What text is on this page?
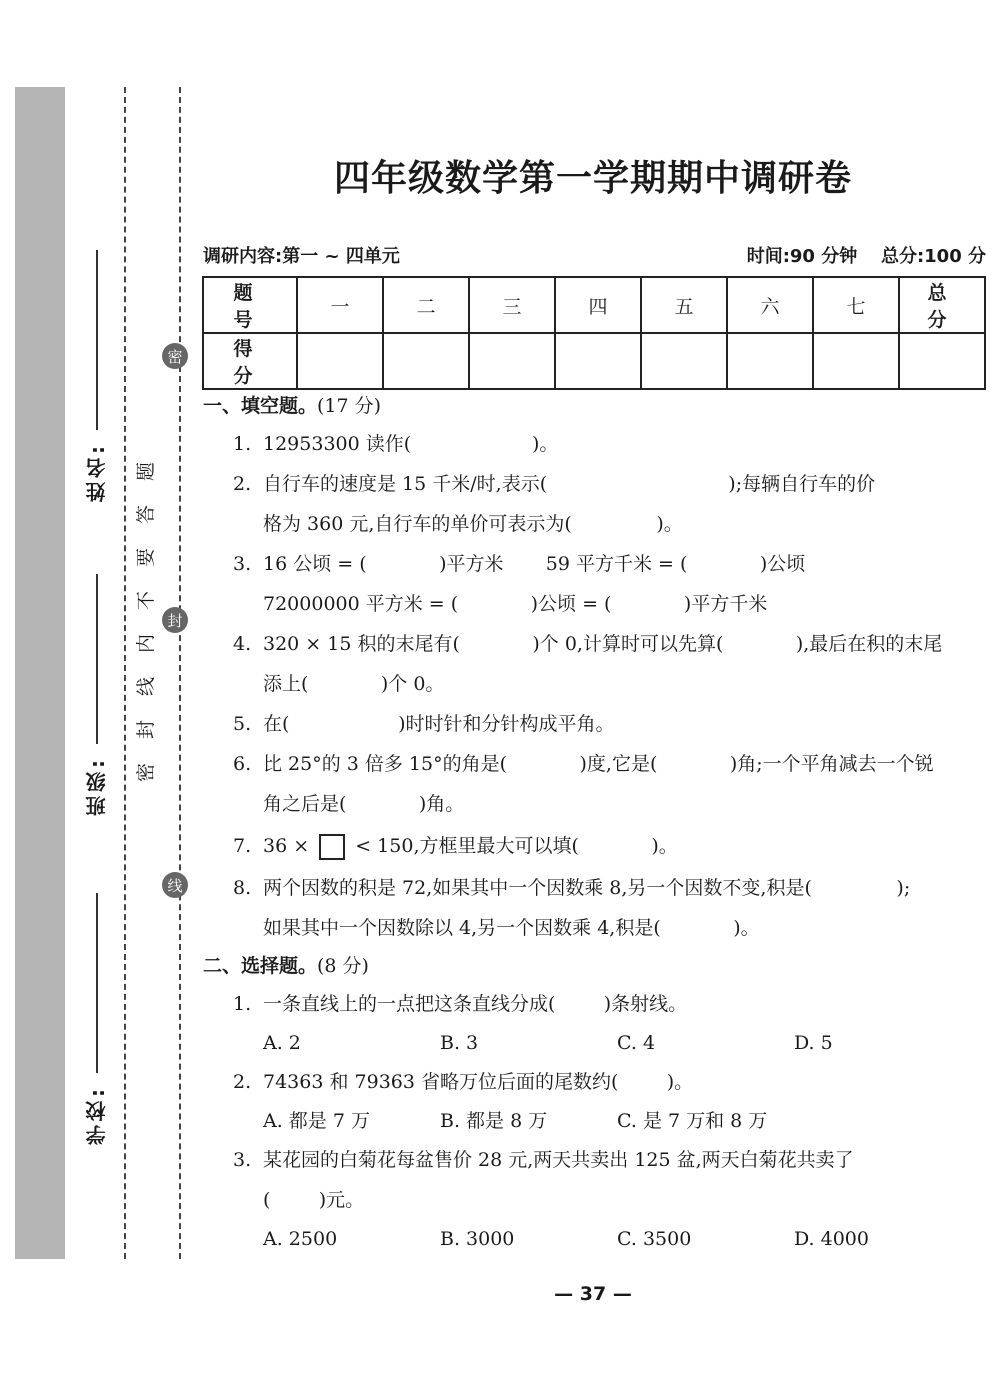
姓名:
班级:
学校:
题
答
要
不
内
线
封
密
密
封
线
四年级数学第一学期期中调研卷
调研内容:第一 ~ 四单元	时间:90 分钟 总分:100 分
题　号	一	二	三	四	五	六	七	总　分
得　分								
一、填空题。(17 分)
1. 12953300 读作(                    )。
2. 自行车的速度是 15 千米/时,表示(                              );每辆自行车的价
格为 360 元,自行车的单价可表示为(              )。
3. 16 公顷 = (            )平方米       59 平方千米 = (            )公顷
72000000 平方米 = (            )公顷 = (            )平方千米
4. 320 × 15 积的末尾有(            )个 0,计算时可以先算(            ),最后在积的末尾
添上(            )个 0。
5. 在(                  )时时针和分针构成平角。
6. 比 25°的 3 倍多 15°的角是(            )度,它是(            )角;一个平角减去一个锐
角之后是(            )角。
7. 36 ×  < 150,方框里最大可以填(            )。
8. 两个因数的积是 72,如果其中一个因数乘 8,另一个因数不变,积是(              );
如果其中一个因数除以 4,另一个因数乘 4,积是(            )。
二、选择题。(8 分)
1. 一条直线上的一点把这条直线分成(        )条射线。
A. 2	B. 3	C. 4	D. 5
2. 74363 和 79363 省略万位后面的尾数约(        )。
A. 都是 7 万	B. 都是 8 万	C. 是 7 万和 8 万
3. 某花园的白菊花每盆售价 28 元,两天共卖出 125 盆,两天白菊花共卖了
(        )元。
A. 2500	B. 3000	C. 3500	D. 4000
— 37 —
